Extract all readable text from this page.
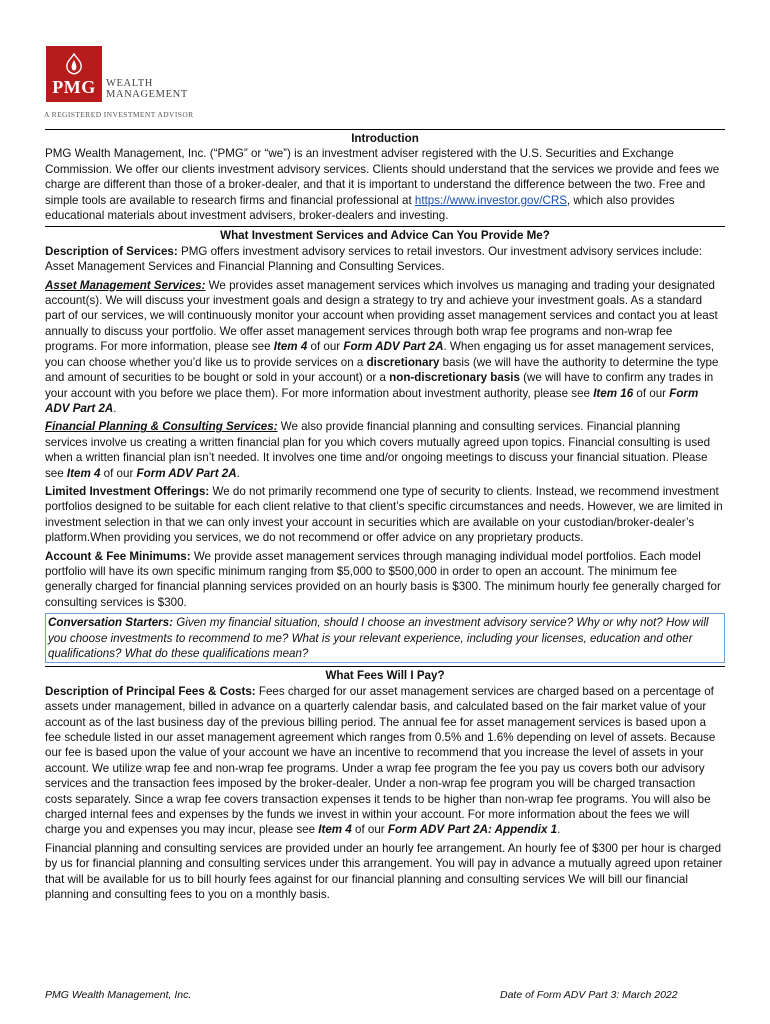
PMG WEALTH
MANAGEMENT
A REGISTERED INVESTMENT ADVISOR
Introduction

PMG Wealth Management, Inc. (“PMG” or “we”) is an investment adviser registered with the U.S. Securities and Exchange Commission. We offer our clients investment advisory services. Clients should understand that the services we provide and fees we charge are different than those of a broker-dealer, and that it is important to understand the difference between the two. Free and simple tools are available to research firms and financial professional at https://www.investor.gov/CRS, which also provides educational materials about investment advisers, broker-dealers and investing.

What Investment Services and Advice Can You Provide Me?

Description of Services: PMG offers investment advisory services to retail investors. Our investment advisory services include: Asset Management Services and Financial Planning and Consulting Services.

Asset Management Services: We provides asset management services which involves us managing and trading your designated account(s). We will discuss your investment goals and design a strategy to try and achieve your investment goals. As a standard part of our services, we will continuously monitor your account when providing asset management services and contact you at least annually to discuss your portfolio. We offer asset management services through both wrap fee programs and non-wrap fee programs. For more information, please see Item 4 of our Form ADV Part 2A. When engaging us for asset management services, you can choose whether you’d like us to provide services on a discretionary basis (we will have the authority to determine the type and amount of securities to be bought or sold in your account) or a non-discretionary basis (we will have to confirm any trades in your account with you before we place them). For more information about investment authority, please see Item 16 of our Form ADV Part 2A.

Financial Planning & Consulting Services: We also provide financial planning and consulting services. Financial planning services involve us creating a written financial plan for you which covers mutually agreed upon topics. Financial consulting is used when a written financial plan isn’t needed. It involves one time and/or ongoing meetings to discuss your financial situation. Please see Item 4 of our Form ADV Part 2A.

Limited Investment Offerings: We do not primarily recommend one type of security to clients. Instead, we recommend investment portfolios designed to be suitable for each client relative to that client’s specific circumstances and needs. However, we are limited in investment selection in that we can only invest your account in securities which are available on your custodian/broker-dealer’s platform.When providing you services, we do not recommend or offer advice on any proprietary products.

Account & Fee Minimums: We provide asset management services through managing individual model portfolios. Each model portfolio will have its own specific minimum ranging from $5,000 to $500,000 in order to open an account. The minimum fee generally charged for financial planning services provided on an hourly basis is $300. The minimum hourly fee generally charged for consulting services is $300.

Conversation Starters: Given my financial situation, should I choose an investment advisory service? Why or why not? How will you choose investments to recommend to me? What is your relevant experience, including your licenses, education and other qualifications? What do these qualifications mean?
What Fees Will I Pay?

Description of Principal Fees & Costs: Fees charged for our asset management services are charged based on a percentage of assets under management, billed in advance on a quarterly calendar basis, and calculated based on the fair market value of your account as of the last business day of the previous billing period. The annual fee for asset management services is based upon a fee schedule listed in our asset management agreement which ranges from 0.5% and 1.6% depending on level of assets. Because our fee is based upon the value of your account we have an incentive to recommend that you increase the level of assets in your account. We utilize wrap fee and non-wrap fee programs. Under a wrap fee program the fee you pay us covers both our advisory services and the transaction fees imposed by the broker-dealer. Under a non-wrap fee program you will be charged transaction costs separately. Since a wrap fee covers transaction expenses it tends to be higher than non-wrap fee programs. You will also be charged internal fees and expenses by the funds we invest in within your account. For more information about the fees we will charge you and expenses you may incur, please see Item 4 of our Form ADV Part 2A: Appendix 1.

Financial planning and consulting services are provided under an hourly fee arrangement. An hourly fee of $300 per hour is charged by us for financial planning and consulting services under this arrangement. You will pay in advance a mutually agreed upon retainer that will be available for us to bill hourly fees against for our financial planning and consulting services We will bill our financial planning and consulting fees to you on a monthly basis.

PMG Wealth Management, Inc.	Date of Form ADV Part 3: March 2022
